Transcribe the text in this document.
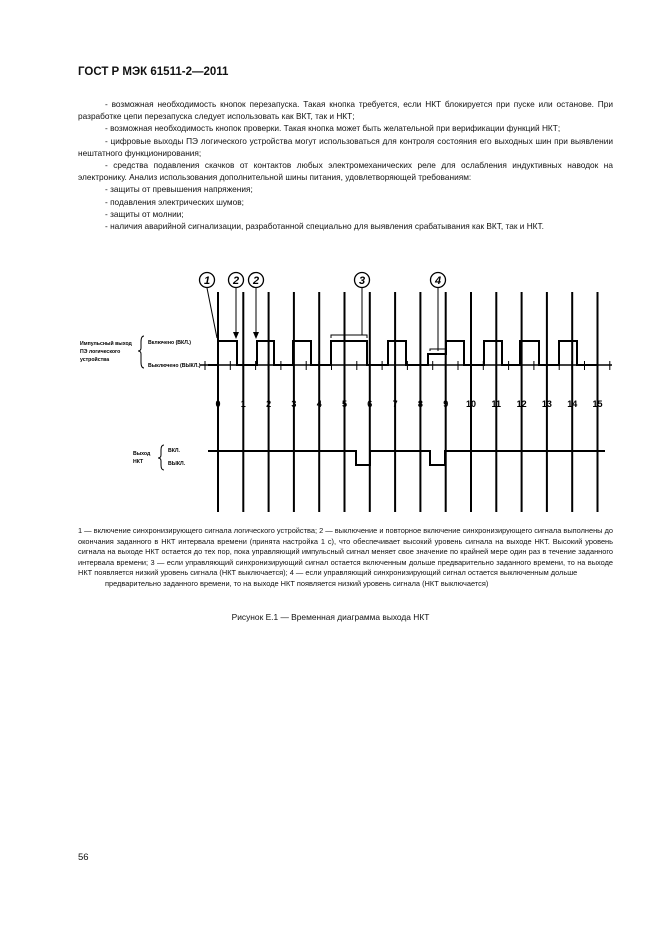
ГОСТ Р МЭК 61511-2—2011

- возможная необходимость кнопок перезапуска. Такая кнопка требуется, если НКТ блокируется при пуске или останове. При разработке цепи перезапуска следует использовать как ВКТ, так и НКТ;

- возможная необходимость кнопок проверки. Такая кнопка может быть желательной при верификации функций НКТ;

- цифровые выходы ПЭ логического устройства могут использоваться для контроля состояния его выходных шин при выявлении нештатного функционирования;

- средства подавления скачков от контактов любых электромеханических реле для ослабления индуктивных наводок на электронику. Анализ использования дополнительной шины питания, удовлетворяющей требованиям:

- защиты от превышения напряжения;

- подавления электрических шумов;

- защиты от молнии;

- наличия аварийной сигнализации, разработанной специально для выявления срабатывания как ВКТ, так и НКТ.

1 2 2	3	4
Импульсный выход
ПЭ логического
устройства
Включено (ВКЛ.)
Выключено (ВЫКЛ.)
Выход
НКТ
ВКЛ.
ВЫКЛ.
0 1 2 3 4 5 6 7 8 9 10 11 12 13 14 15

1 — включение синхронизирующего сигнала логического устройства; 2 — выключение и повторное включение синхронизирующего сигнала выполнены до окончания заданного в НКТ интервала времени (принята настройка 1 с), что обеспечивает высокий уровень сигнала на выходе НКТ. Высокий уровень сигнала на выходе НКТ остается до тех пор, пока управляющий импульсный сигнал меняет свое значение по крайней мере один раз в течение заданного интервала времени; 3 — если управляющий синхронизирующий сигнал остается включенным дольше предварительно заданного времени, то на выходе НКТ появляется низкий уровень сигнала (НКТ выключается); 4 — если управляющий синхронизирующий сигнал остается выключенным дольше

предварительно заданного времени, то на выходе НКТ появляется низкий уровень сигнала (НКТ выключается)

Рисунок Е.1 — Временная диаграмма выхода НКТ
56
